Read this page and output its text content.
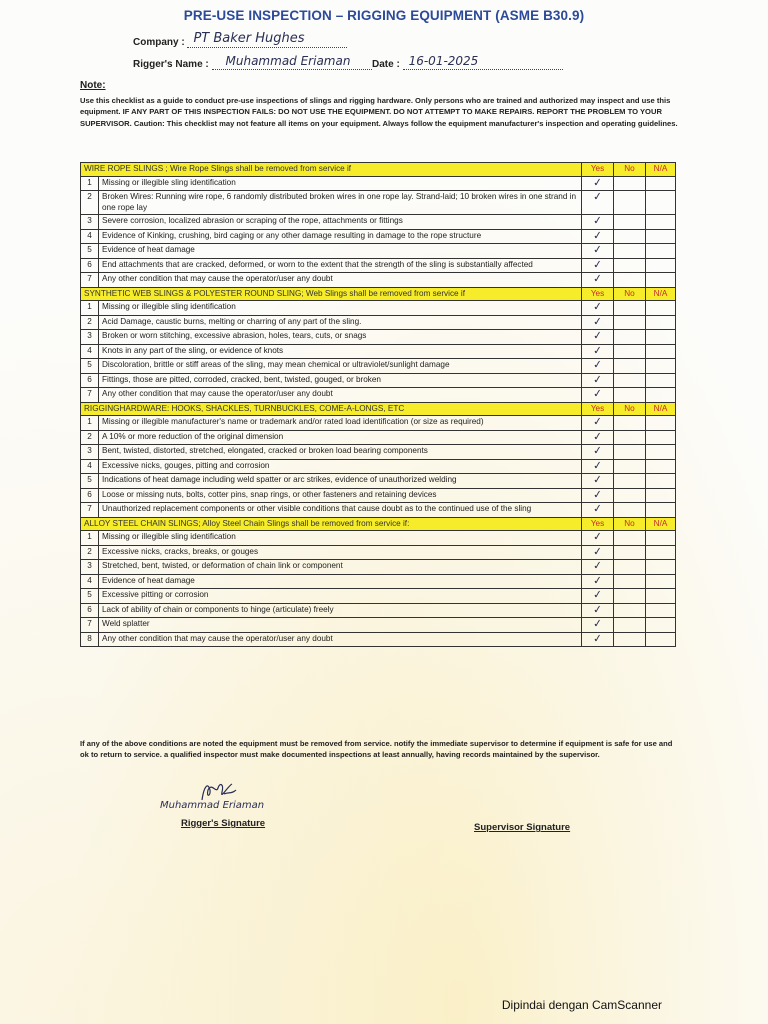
PRE-USE INSPECTION – RIGGING EQUIPMENT (ASME B30.9)
Company : PT Baker Hughes
Rigger's Name : Muhammad Eriaman Date : 16-01-2025
Note:
Use this checklist as a guide to conduct pre-use inspections of slings and rigging hardware. Only persons who are trained and authorized may inspect and use this equipment. IF ANY PART OF THIS INSPECTION FAILS: DO NOT USE THE EQUIPMENT. DO NOT ATTEMPT TO MAKE REPAIRS. REPORT THE PROBLEM TO YOUR SUPERVISOR. Caution: This checklist may not feature all items on your equipment. Always follow the equipment manufacturer's inspection and operating guidelines.
WIRE ROPE SLINGS ; Wire Rope Slings shall be removed from service if		Yes	No	N/A
1	Missing or illegible sling identification	✓		
2	Broken Wires: Running wire rope, 6 randomly distributed broken wires in one rope lay. Strand-laid; 10 broken wires in one strand in one rope lay	✓		
3	Severe corrosion, localized abrasion or scraping of the rope, attachments or fittings	✓		
4	Evidence of Kinking, crushing, bird caging or any other damage resulting in damage to the rope structure	✓		
5	Evidence of heat damage	✓		
6	End attachments that are cracked, deformed, or worn to the extent that the strength of the sling is substantially affected	✓		
7	Any other condition that may cause the operator/user any doubt	✓		
SYNTHETIC WEB SLINGS & POLYESTER ROUND SLING; Web Slings shall be removed from service if		Yes	No	N/A
1	Missing or illegible sling identification	✓		
2	Acid Damage, caustic burns, melting or charring of any part of the sling.	✓		
3	Broken or worn stitching, excessive abrasion, holes, tears, cuts, or snags	✓		
4	Knots in any part of the sling, or evidence of knots	✓		
5	Discoloration, brittle or stiff areas of the sling, may mean chemical or ultraviolet/sunlight damage	✓		
6	Fittings, those are pitted, corroded, cracked, bent, twisted, gouged, or broken	✓		
7	Any other condition that may cause the operator/user any doubt	✓		
RIGGINGHARDWARE: HOOKS, SHACKLES, TURNBUCKLES, COME-A-LONGS, ETC		Yes	No	N/A
1	Missing or illegible manufacturer's name or trademark and/or rated load identification (or size as required)	✓		
2	A 10% or more reduction of the original dimension	✓		
3	Bent, twisted, distorted, stretched, elongated, cracked or broken load bearing components	✓		
4	Excessive nicks, gouges, pitting and corrosion	✓		
5	Indications of heat damage including weld spatter or arc strikes, evidence of unauthorized welding	✓		
6	Loose or missing nuts, bolts, cotter pins, snap rings, or other fasteners and retaining devices	✓		
7	Unauthorized replacement components or other visible conditions that cause doubt as to the continued use of the sling	✓		
ALLOY STEEL CHAIN SLINGS; Alloy Steel Chain Slings shall be removed from service if:		Yes	No	N/A
1	Missing or illegible sling identification	✓		
2	Excessive nicks, cracks, breaks, or gouges	✓		
3	Stretched, bent, twisted, or deformation of chain link or component	✓		
4	Evidence of heat damage	✓		
5	Excessive pitting or corrosion	✓		
6	Lack of ability of chain or components to hinge (articulate) freely	✓		
7	Weld splatter	✓		
8	Any other condition that may cause the operator/user any doubt	✓		
If any of the above conditions are noted the equipment must be removed from service. notify the immediate supervisor to determine if equipment is safe for use and ok to return to service. a qualified inspector must make documented inspections at least annually, having records maintained by the supervisor.
Muhammad Eriaman
Rigger's Signature	Supervisor Signature
Dipindai dengan CamScanner
